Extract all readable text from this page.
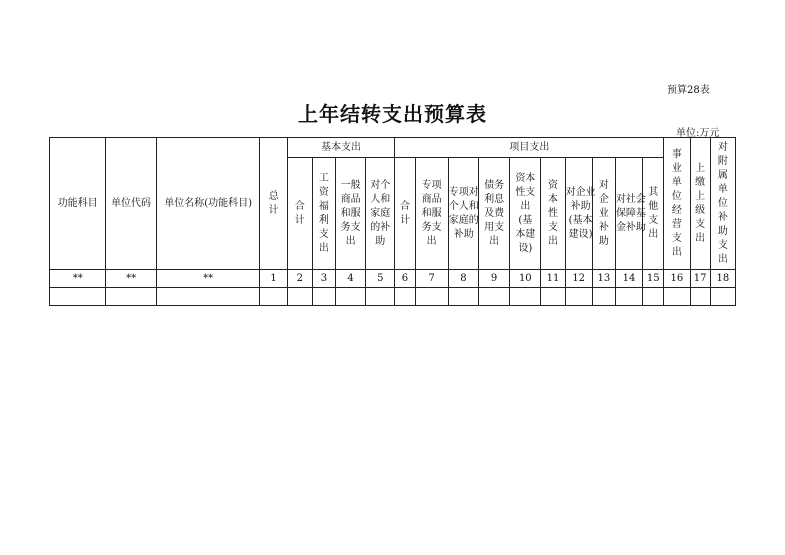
预算28表
上年结转支出预算表
单位:万元
功能科目	单位代码	单位名称(功能科目)	总计	基本支出				项目支出										事业单位经营支出	上缴上级支出	对附属单位补助支出
				合计	工资福利支出	一般商品和服务支出	对个人和家庭的补助	合计	专项商品和服务支出	专项对个人和家庭的补助	债务利息及费用支出	资本性支出(基本建设)	资本性支出	对企业补助(基本建设)	对企业补助	对社会保障基金补助	其他支出			
**	**	**	1	2	3	4	5	6	7	8	9	10	11	12	13	14	15	16	17	18
